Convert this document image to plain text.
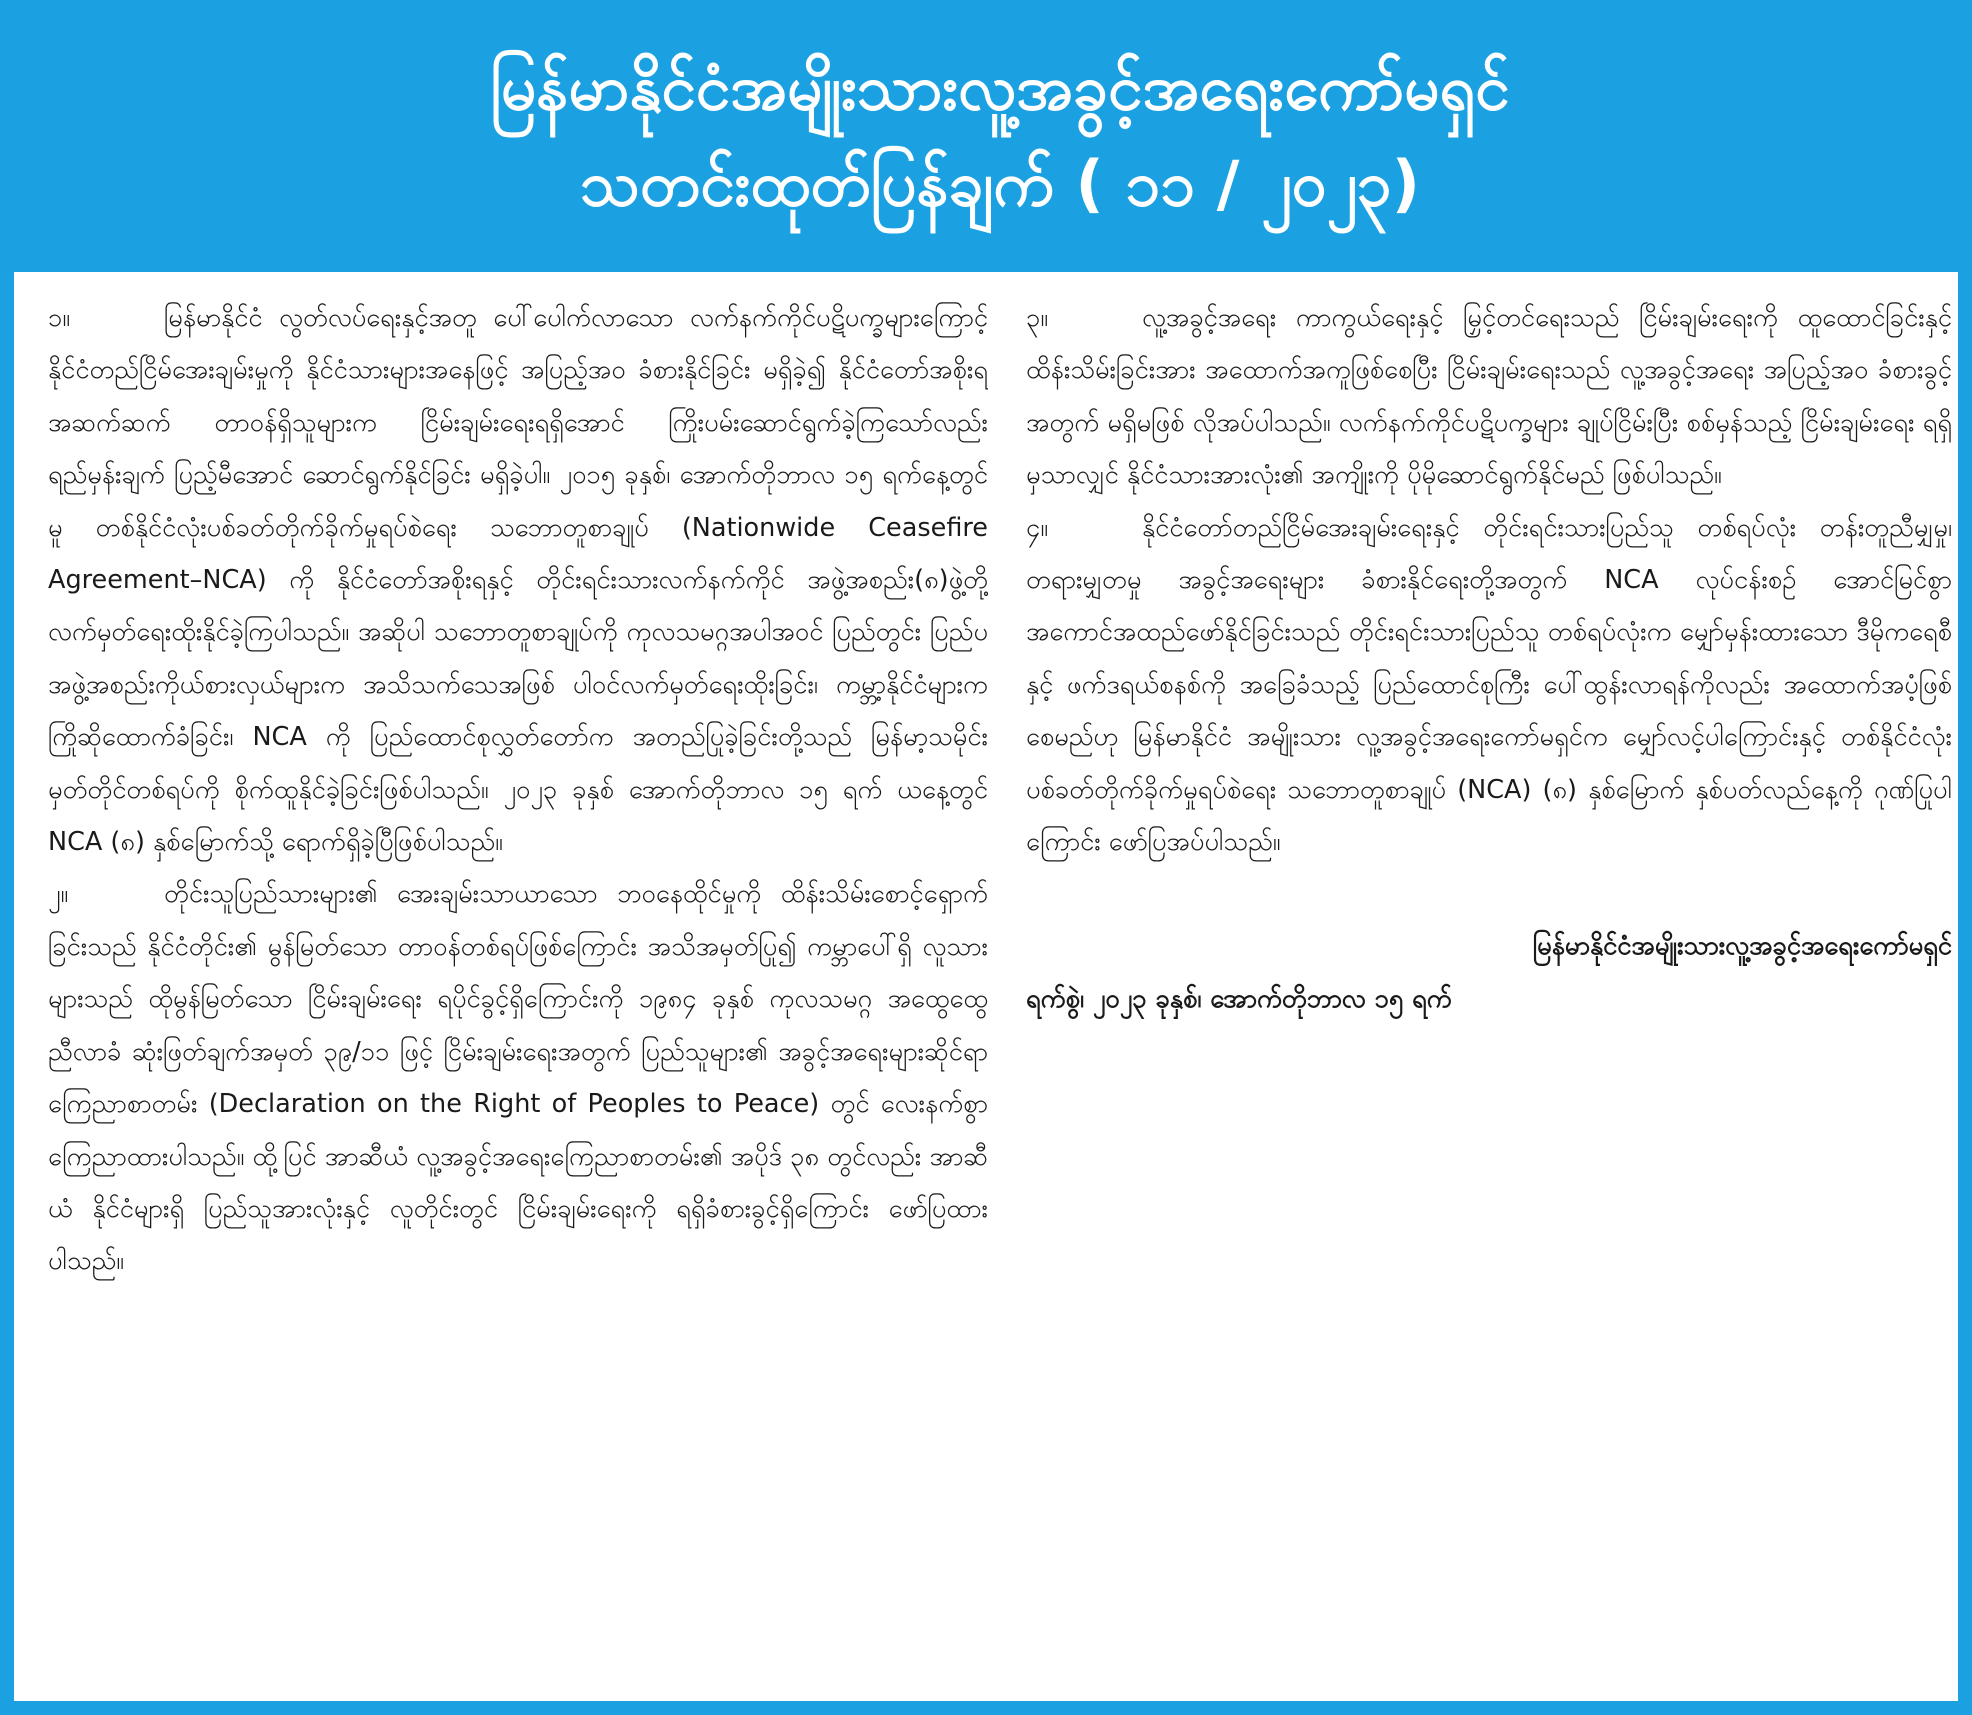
မြန်မာနိုင်ငံအမျိုးသားလူ့အခွင့်အရေးကော်မရှင်
သတင်းထုတ်ပြန်ချက် ( ၁၁ / ၂၀၂၃)

၁။	မြန်မာနိုင်ငံ လွတ်လပ်ရေးနှင့်အတူ ပေါ်ပေါက်လာသော လက်နက်ကိုင်ပဋိပက္ခများကြောင့် နိုင်ငံတည်ငြိမ်အေးချမ်းမှုကို နိုင်ငံသားများအနေဖြင့် အပြည့်အဝ ခံစားနိုင်ခြင်း မရှိခဲ့၍ နိုင်ငံတော်အစိုးရအဆက်ဆက် တာဝန်ရှိသူများက ငြိမ်းချမ်းရေးရရှိအောင် ကြိုးပမ်းဆောင်ရွက်ခဲ့ကြသော်လည်း ရည်မှန်းချက် ပြည့်မီအောင် ဆောင်ရွက်နိုင်ခြင်း မရှိခဲ့ပါ။ ၂၀၁၅ ခုနှစ်၊ အောက်တိုဘာလ ၁၅ ရက်နေ့တွင်မူ တစ်နိုင်ငံလုံးပစ်ခတ်တိုက်ခိုက်မှုရပ်စဲရေး သဘောတူစာချုပ် (Nationwide Ceasefire Agreement–NCA) ကို နိုင်ငံတော်အစိုးရနှင့် တိုင်းရင်းသားလက်နက်ကိုင် အဖွဲ့အစည်း(၈)ဖွဲ့တို့ လက်မှတ်ရေးထိုးနိုင်ခဲ့ကြပါသည်။ အဆိုပါ သဘောတူစာချုပ်ကို ကုလသမဂ္ဂအပါအဝင် ပြည်တွင်း ပြည်ပ အဖွဲ့အစည်းကိုယ်စားလှယ်များက အသိသက်သေအဖြစ် ပါဝင်လက်မှတ်ရေးထိုးခြင်း၊ ကမ္ဘာ့နိုင်ငံများကကြိုဆိုထောက်ခံခြင်း၊ NCA ကို ပြည်ထောင်စုလွှတ်တော်က အတည်ပြုခဲ့ခြင်းတို့သည် မြန်မာ့သမိုင်းမှတ်တိုင်တစ်ရပ်ကို စိုက်ထူနိုင်ခဲ့ခြင်းဖြစ်ပါသည်။ ၂၀၂၃ ခုနှစ် အောက်တိုဘာလ ၁၅ ရက် ယနေ့တွင် NCA (၈) နှစ်မြောက်သို့ ရောက်ရှိခဲ့ပြီဖြစ်ပါသည်။

၂။	တိုင်းသူပြည်သားများ၏ အေးချမ်းသာယာသော ဘဝနေထိုင်မှုကို ထိန်းသိမ်းစောင့်ရှောက်ခြင်းသည် နိုင်ငံတိုင်း၏ မွန်မြတ်သော တာဝန်တစ်ရပ်ဖြစ်ကြောင်း အသိအမှတ်ပြု၍ ကမ္ဘာပေါ်ရှိ လူသားများသည် ထိုမွန်မြတ်သော ငြိမ်းချမ်းရေး ရပိုင်ခွင့်ရှိကြောင်းကို ၁၉၈၄ ခုနှစ် ကုလသမဂ္ဂ အထွေထွေညီလာခံ ဆုံးဖြတ်ချက်အမှတ် ၃၉/၁၁ ဖြင့် ငြိမ်းချမ်းရေးအတွက် ပြည်သူများ၏ အခွင့်အရေးများဆိုင်ရာ ကြေညာစာတမ်း (Declaration on the Right of Peoples to Peace) တွင် လေးနက်စွာ ကြေညာထားပါသည်။ ထို့ပြင် အာဆီယံ လူ့အခွင့်အရေးကြေညာစာတမ်း၏ အပိုဒ် ၃၈ တွင်လည်း အာဆီယံ နိုင်ငံများရှိ ပြည်သူအားလုံးနှင့် လူတိုင်းတွင် ငြိမ်းချမ်းရေးကို ရရှိခံစားခွင့်ရှိကြောင်း ဖော်ပြထားပါသည်။

၃။	လူ့အခွင့်အရေး ကာကွယ်ရေးနှင့် မြှင့်တင်ရေးသည် ငြိမ်းချမ်းရေးကို ထူထောင်ခြင်းနှင့် ထိန်းသိမ်းခြင်းအား အထောက်အကူဖြစ်စေပြီး ငြိမ်းချမ်းရေးသည် လူ့အခွင့်အရေး အပြည့်အဝ ခံစားခွင့်အတွက် မရှိမဖြစ် လိုအပ်ပါသည်။ လက်နက်ကိုင်ပဋိပက္ခများ ချုပ်ငြိမ်းပြီး စစ်မှန်သည့် ငြိမ်းချမ်းရေး ရရှိမှသာလျှင် နိုင်ငံသားအားလုံး၏ အကျိုးကို ပိုမိုဆောင်ရွက်နိုင်မည် ဖြစ်ပါသည်။

၄။	နိုင်ငံတော်တည်ငြိမ်အေးချမ်းရေးနှင့် တိုင်းရင်းသားပြည်သူ တစ်ရပ်လုံး တန်းတူညီမျှမှု၊ တရားမျှတမှု အခွင့်အရေးများ ခံစားနိုင်ရေးတို့အတွက် NCA လုပ်ငန်းစဉ် အောင်မြင်စွာ အကောင်အထည်ဖော်နိုင်ခြင်းသည် တိုင်းရင်းသားပြည်သူ တစ်ရပ်လုံးက မျှော်မှန်းထားသော ဒီမိုကရေစီနှင့် ဖက်ဒရယ်စနစ်ကို အခြေခံသည့် ပြည်ထောင်စုကြီး ပေါ်ထွန်းလာရန်ကိုလည်း အထောက်အပံ့ဖြစ်စေမည်ဟု မြန်မာနိုင်ငံ အမျိုးသား လူ့အခွင့်အရေးကော်မရှင်က မျှော်လင့်ပါကြောင်းနှင့် တစ်နိုင်ငံလုံးပစ်ခတ်တိုက်ခိုက်မှုရပ်စဲရေး သဘောတူစာချုပ် (NCA) (၈) နှစ်မြောက် နှစ်ပတ်လည်နေ့ကို ဂုဏ်ပြုပါကြောင်း ဖော်ပြအပ်ပါသည်။

မြန်မာနိုင်ငံအမျိုးသားလူ့အခွင့်အရေးကော်မရှင်
ရက်စွဲ၊ ၂၀၂၃ ခုနှစ်၊ အောက်တိုဘာလ ၁၅ ရက်
